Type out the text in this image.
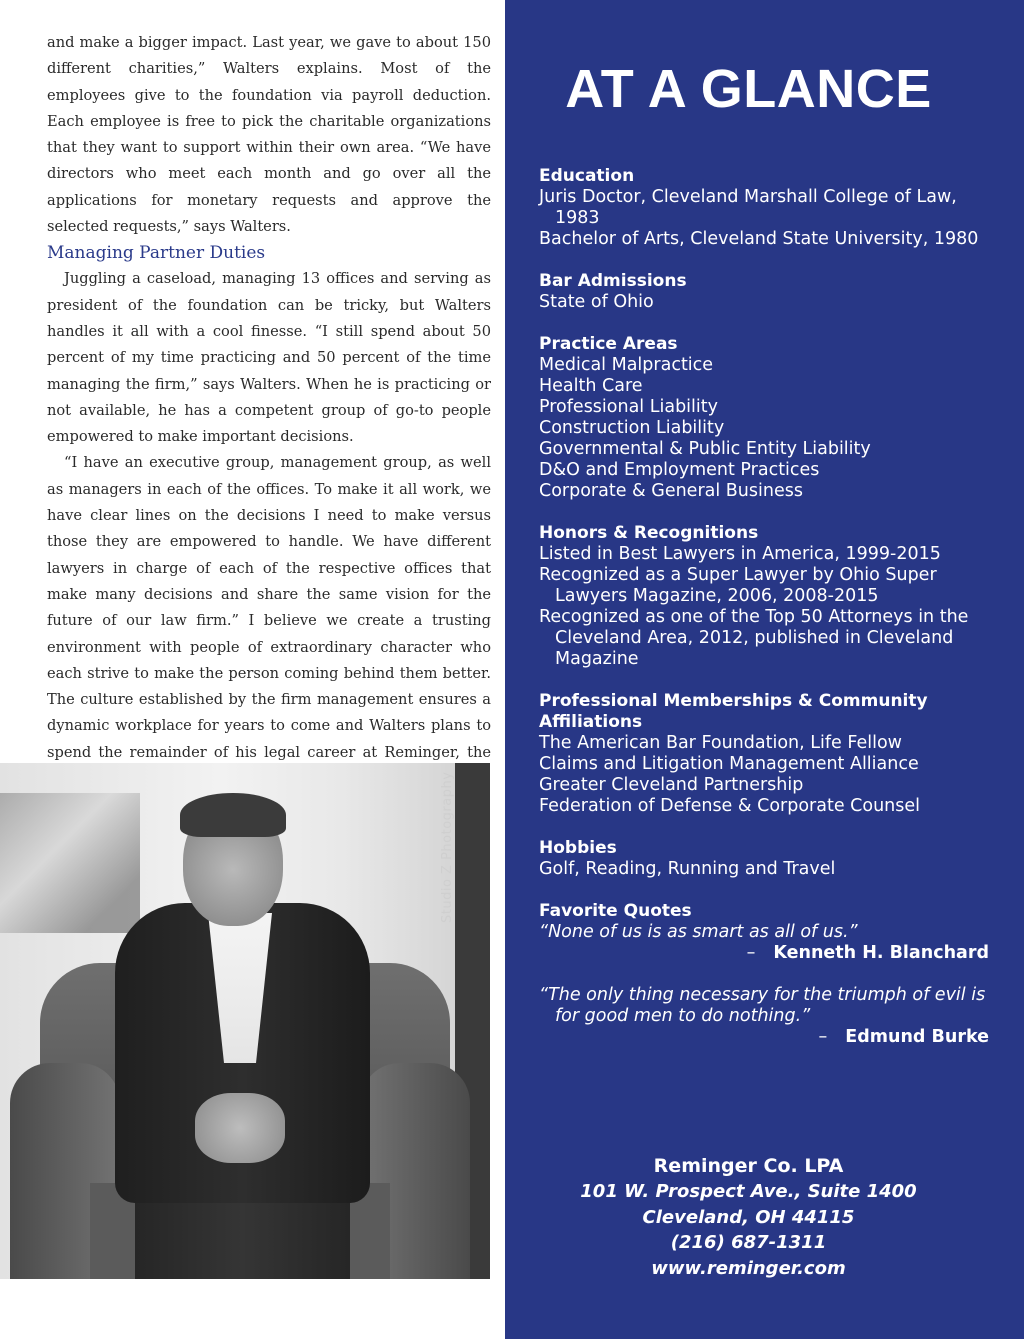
and make a bigger impact. Last year, we gave to about 150 different charities,” Walters explains. Most of the employees give to the foundation via payroll deduction. Each employee is free to pick the charitable organizations that they want to support within their own area. “We have directors who meet each month and go over all the applications for monetary requests and approve the selected requests,” says Walters.

Managing Partner Duties

Juggling a caseload, managing 13 offices and serving as president of the foundation can be tricky, but Walters handles it all with a cool finesse. “I still spend about 50 percent of my time practicing and 50 percent of the time managing the firm,” says Walters. When he is practicing or not available, he has a competent group of go-to people empowered to make important decisions.

“I have an executive group, management group, as well as managers in each of the offices. To make it all work, we have clear lines on the decisions I need to make versus those they are empowered to handle. We have different lawyers in charge of each of the respective offices that make many decisions and share the same vision for the future of our law firm.” I believe we create a trusting environment with people of extraordinary character who each strive to make the person coming behind them better. The culture established by the firm management ensures a dynamic workplace for years to come and Walters plans to spend the remainder of his legal career at Reminger, the

Studio Z Photography
AT A GLANCE
Education
Juris Doctor, Cleveland Marshall College of Law, 1983
Bachelor of Arts, Cleveland State University, 1980
Bar Admissions
State of Ohio
Practice Areas
Medical Malpractice
Health Care
Professional Liability
Construction Liability
Governmental & Public Entity Liability
D&O and Employment Practices
Corporate & General Business
Honors & Recognitions
Listed in Best Lawyers in America, 1999-2015
Recognized as a Super Lawyer by Ohio Super Lawyers Magazine, 2006, 2008-2015
Recognized as one of the Top 50 Attorneys in the Cleveland Area, 2012, published in Cleveland Magazine
Professional Memberships & Community Affiliations
The American Bar Foundation, Life Fellow
Claims and Litigation Management Alliance
Greater Cleveland Partnership
Federation of Defense & Corporate Counsel
Hobbies
Golf, Reading, Running and Travel
Favorite Quotes
“None of us is as smart as all of us.”
– Kenneth H. Blanchard
“The only thing necessary for the triumph of evil is for good men to do nothing.”
– Edmund Burke
Reminger Co. LPA
101 W. Prospect Ave., Suite 1400
Cleveland, OH 44115
(216) 687-1311
www.reminger.com
